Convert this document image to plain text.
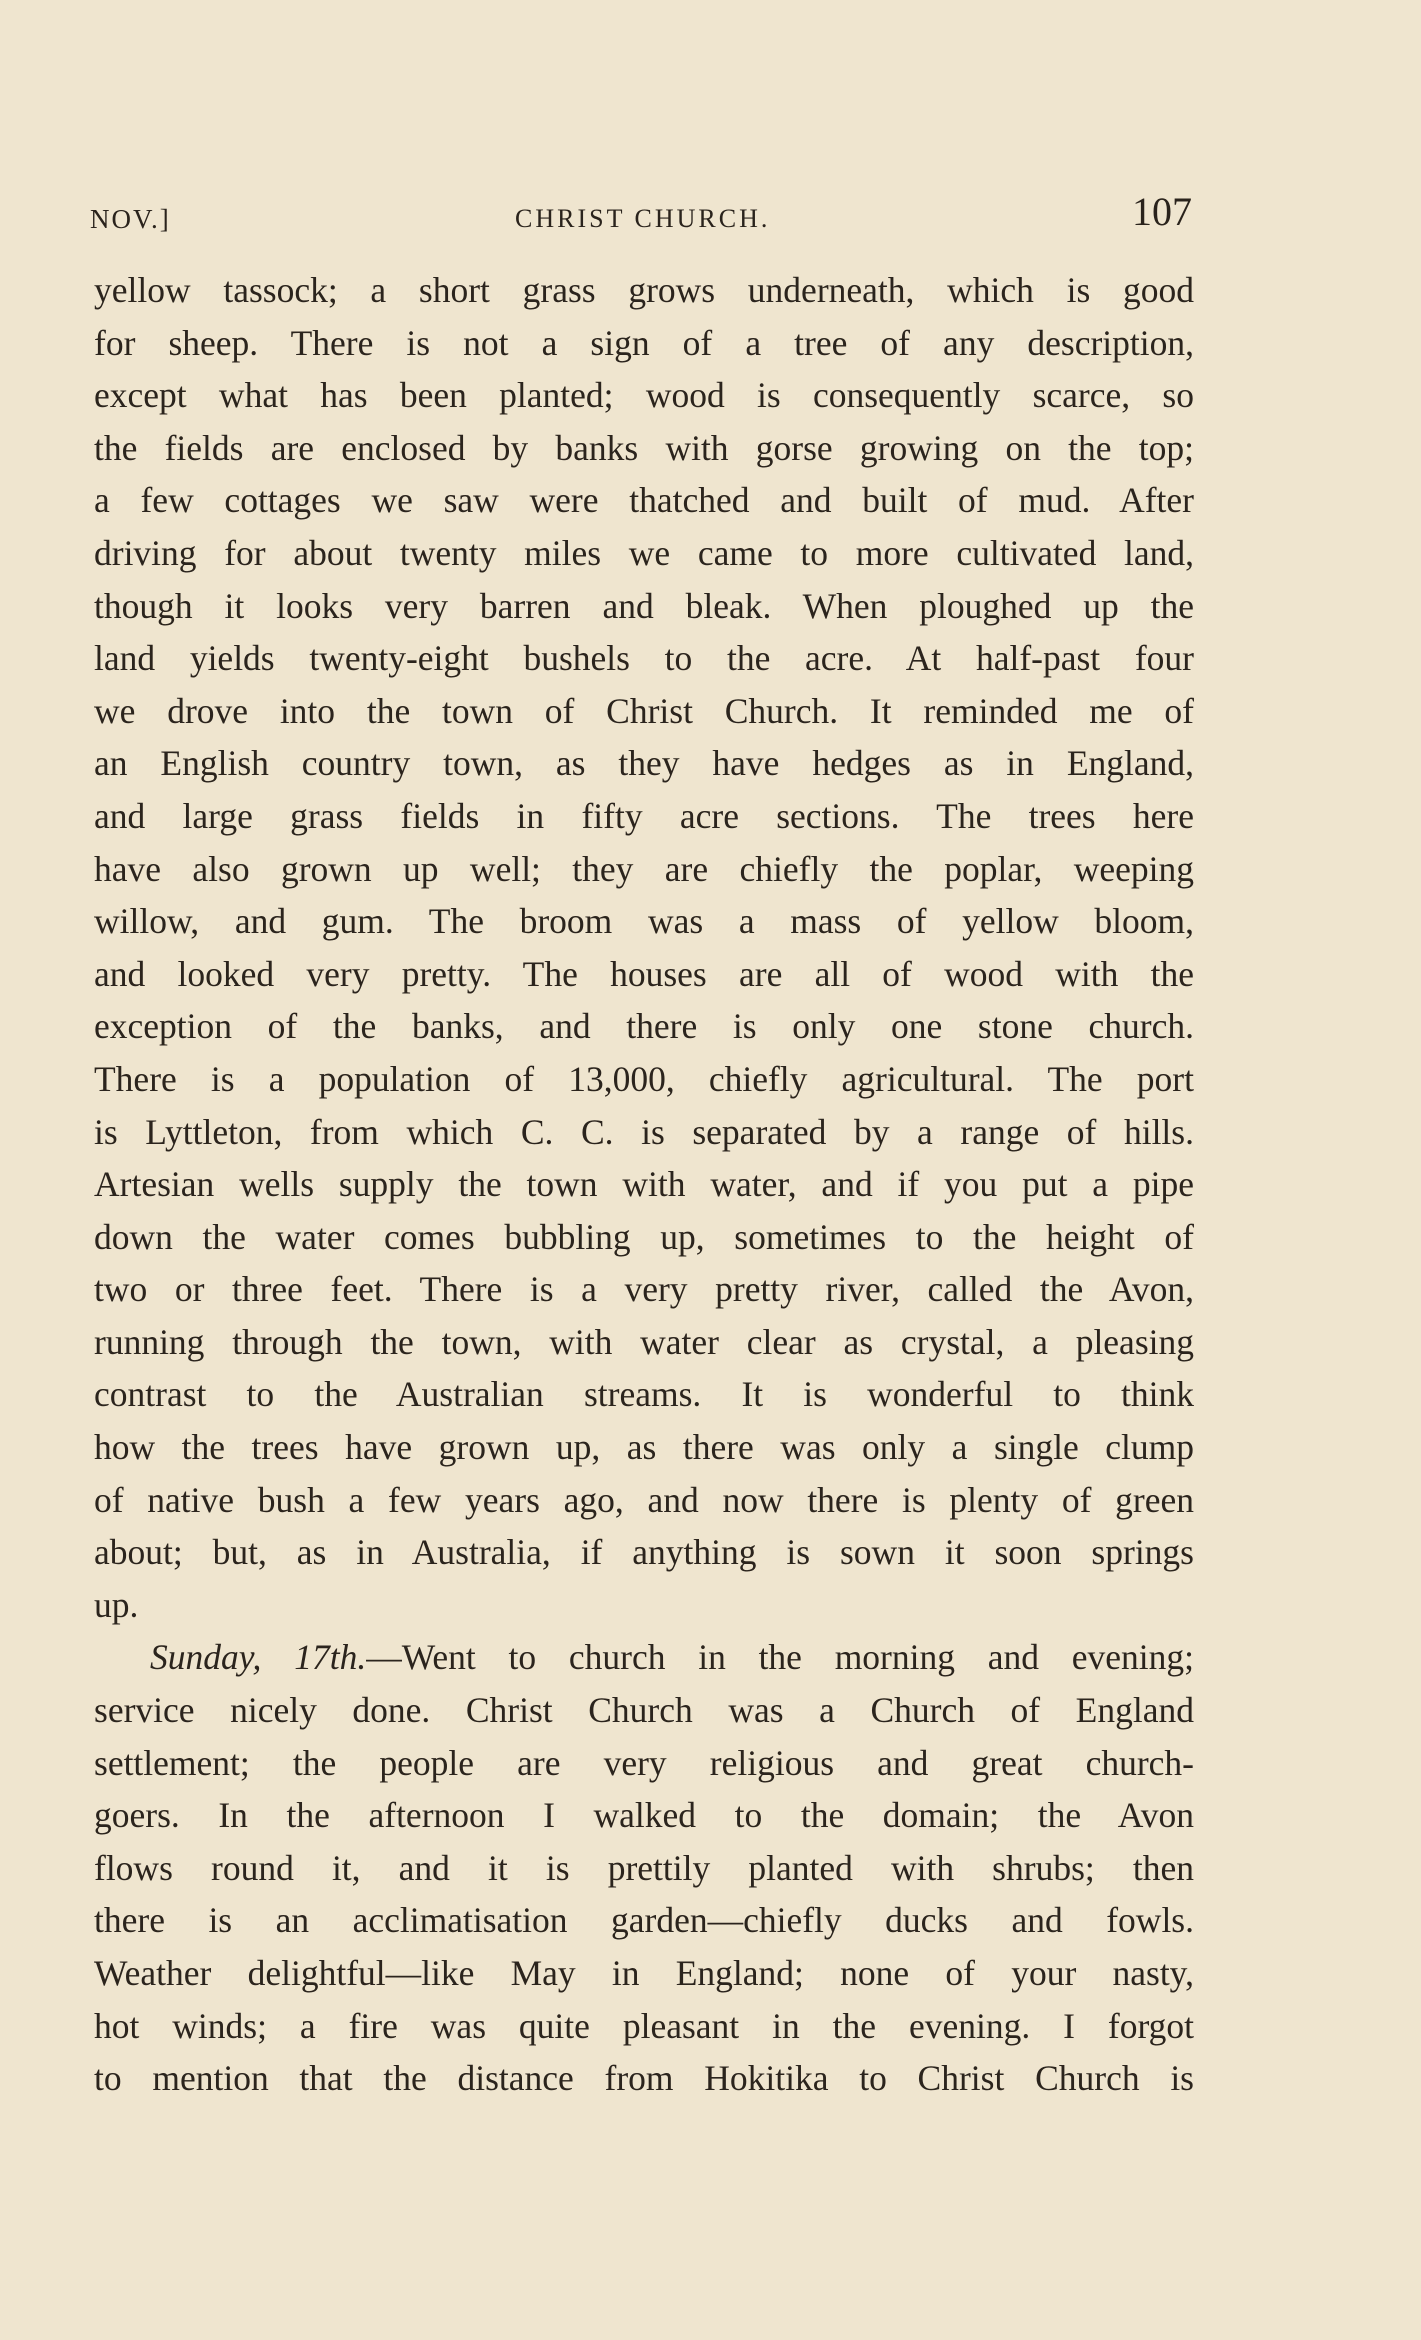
NOV.]	CHRIST CHURCH.	107
yellow tassock; a short grass grows underneath, which is good
for sheep. There is not a sign of a tree of any description,
except what has been planted; wood is consequently scarce, so
the fields are enclosed by banks with gorse growing on the top;
a few cottages we saw were thatched and built of mud. After
driving for about twenty miles we came to more cultivated land,
though it looks very barren and bleak. When ploughed up the
land yields twenty-eight bushels to the acre. At half-past four
we drove into the town of Christ Church. It reminded me of
an English country town, as they have hedges as in England,
and large grass fields in fifty acre sections. The trees here
have also grown up well; they are chiefly the poplar, weeping
willow, and gum. The broom was a mass of yellow bloom,
and looked very pretty. The houses are all of wood with the
exception of the banks, and there is only one stone church.
There is a population of 13,000, chiefly agricultural. The port
is Lyttleton, from which C. C. is separated by a range of hills.
Artesian wells supply the town with water, and if you put a pipe
down the water comes bubbling up, sometimes to the height of
two or three feet. There is a very pretty river, called the Avon,
running through the town, with water clear as crystal, a pleasing
contrast to the Australian streams. It is wonderful to think
how the trees have grown up, as there was only a single clump
of native bush a few years ago, and now there is plenty of green
about; but, as in Australia, if anything is sown it soon springs
up.
Sunday, 17th.—Went to church in the morning and evening;
service nicely done. Christ Church was a Church of England
settlement; the people are very religious and great church-
goers. In the afternoon I walked to the domain; the Avon
flows round it, and it is prettily planted with shrubs; then
there is an acclimatisation garden—chiefly ducks and fowls.
Weather delightful—like May in England; none of your nasty,
hot winds; a fire was quite pleasant in the evening. I forgot
to mention that the distance from Hokitika to Christ Church is
